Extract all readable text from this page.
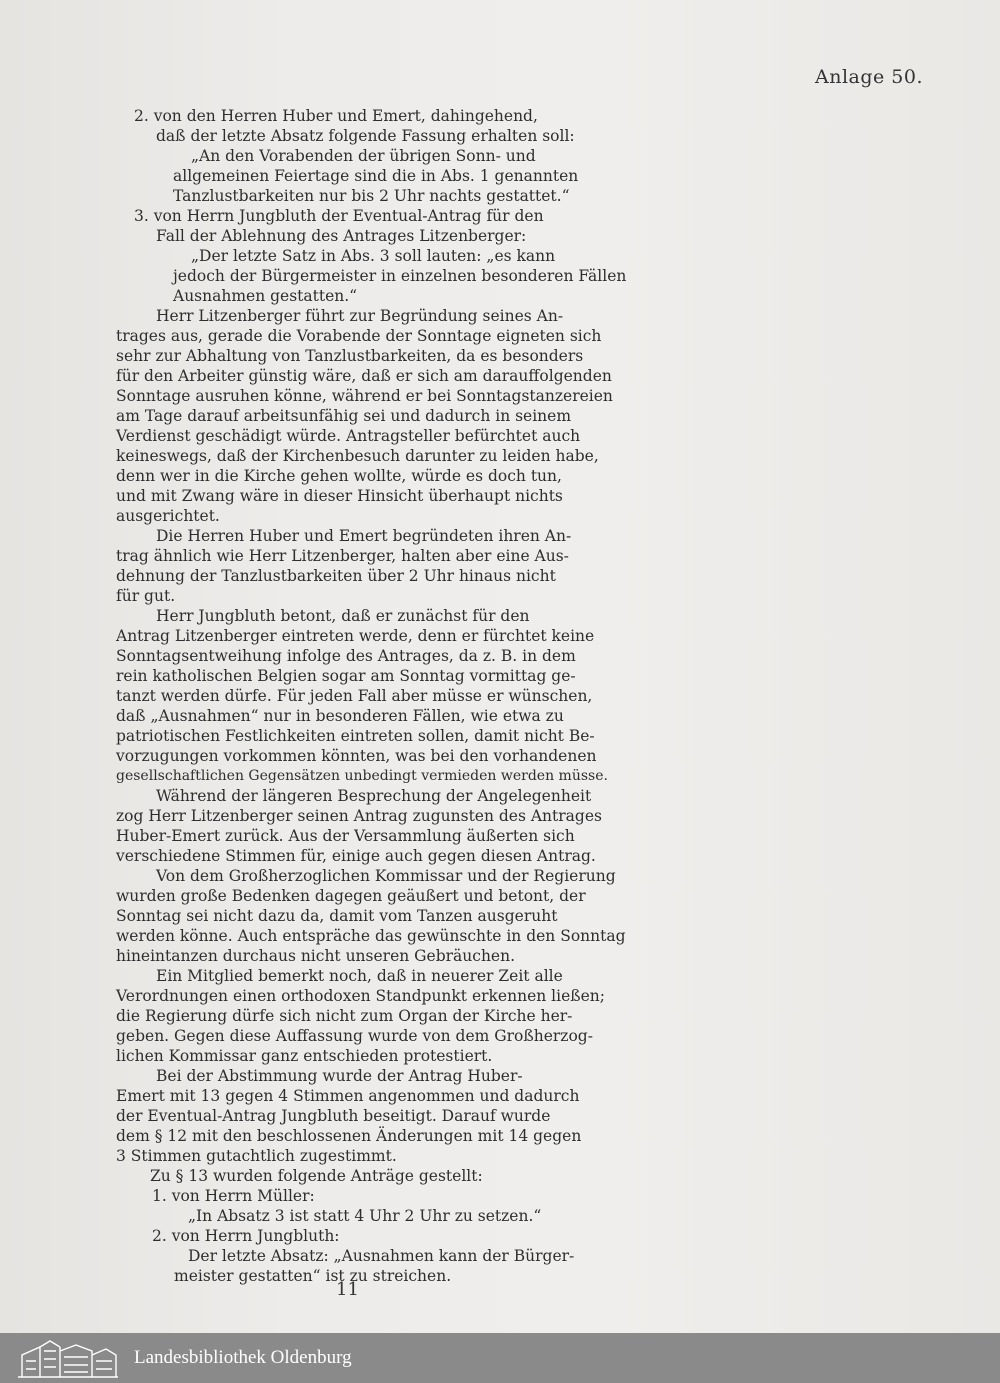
Anlage 50.
2. von den Herren Huber und Emert, dahingehend,
daß der letzte Absatz folgende Fassung erhalten soll:
„An den Vorabenden der übrigen Sonn- und
allgemeinen Feiertage sind die in Abs. 1 genannten
Tanzlustbarkeiten nur bis 2 Uhr nachts gestattet.“
3. von Herrn Jungbluth der Eventual-Antrag für den
Fall der Ablehnung des Antrages Litzenberger:
„Der letzte Satz in Abs. 3 soll lauten: „es kann
jedoch der Bürgermeister in einzelnen besonderen Fällen
Ausnahmen gestatten.“
Herr Litzenberger führt zur Begründung seines An-
trages aus, gerade die Vorabende der Sonntage eigneten sich
sehr zur Abhaltung von Tanzlustbarkeiten, da es besonders
für den Arbeiter günstig wäre, daß er sich am darauffolgenden
Sonntage ausruhen könne, während er bei Sonntagstanzereien
am Tage darauf arbeitsunfähig sei und dadurch in seinem
Verdienst geschädigt würde. Antragsteller befürchtet auch
keineswegs, daß der Kirchenbesuch darunter zu leiden habe,
denn wer in die Kirche gehen wollte, würde es doch tun,
und mit Zwang wäre in dieser Hinsicht überhaupt nichts
ausgerichtet.
Die Herren Huber und Emert begründeten ihren An-
trag ähnlich wie Herr Litzenberger, halten aber eine Aus-
dehnung der Tanzlustbarkeiten über 2 Uhr hinaus nicht
für gut.
Herr Jungbluth betont, daß er zunächst für den
Antrag Litzenberger eintreten werde, denn er fürchtet keine
Sonntagsentweihung infolge des Antrages, da z. B. in dem
rein katholischen Belgien sogar am Sonntag vormittag ge-
tanzt werden dürfe. Für jeden Fall aber müsse er wünschen,
daß „Ausnahmen“ nur in besonderen Fällen, wie etwa zu
patriotischen Festlichkeiten eintreten sollen, damit nicht Be-
vorzugungen vorkommen könnten, was bei den vorhandenen
gesellschaftlichen Gegensätzen unbedingt vermieden werden müsse.
Während der längeren Besprechung der Angelegenheit
zog Herr Litzenberger seinen Antrag zugunsten des Antrages
Huber-Emert zurück. Aus der Versammlung äußerten sich
verschiedene Stimmen für, einige auch gegen diesen Antrag.
Von dem Großherzoglichen Kommissar und der Regierung
wurden große Bedenken dagegen geäußert und betont, der
Sonntag sei nicht dazu da, damit vom Tanzen ausgeruht
werden könne. Auch entspräche das gewünschte in den Sonntag
hineintanzen durchaus nicht unseren Gebräuchen.
Ein Mitglied bemerkt noch, daß in neuerer Zeit alle
Verordnungen einen orthodoxen Standpunkt erkennen ließen;
die Regierung dürfe sich nicht zum Organ der Kirche her-
geben. Gegen diese Auffassung wurde von dem Großherzog-
lichen Kommissar ganz entschieden protestiert.
Bei der Abstimmung wurde der Antrag Huber-
Emert mit 13 gegen 4 Stimmen angenommen und dadurch
der Eventual-Antrag Jungbluth beseitigt. Darauf wurde
dem § 12 mit den beschlossenen Änderungen mit 14 gegen
3 Stimmen gutachtlich zugestimmt.
Zu § 13 wurden folgende Anträge gestellt:
1. von Herrn Müller:
„In Absatz 3 ist statt 4 Uhr 2 Uhr zu setzen.“
2. von Herrn Jungbluth:
Der letzte Absatz: „Ausnahmen kann der Bürger-
meister gestatten“ ist zu streichen.
11
Landesbibliothek Oldenburg
